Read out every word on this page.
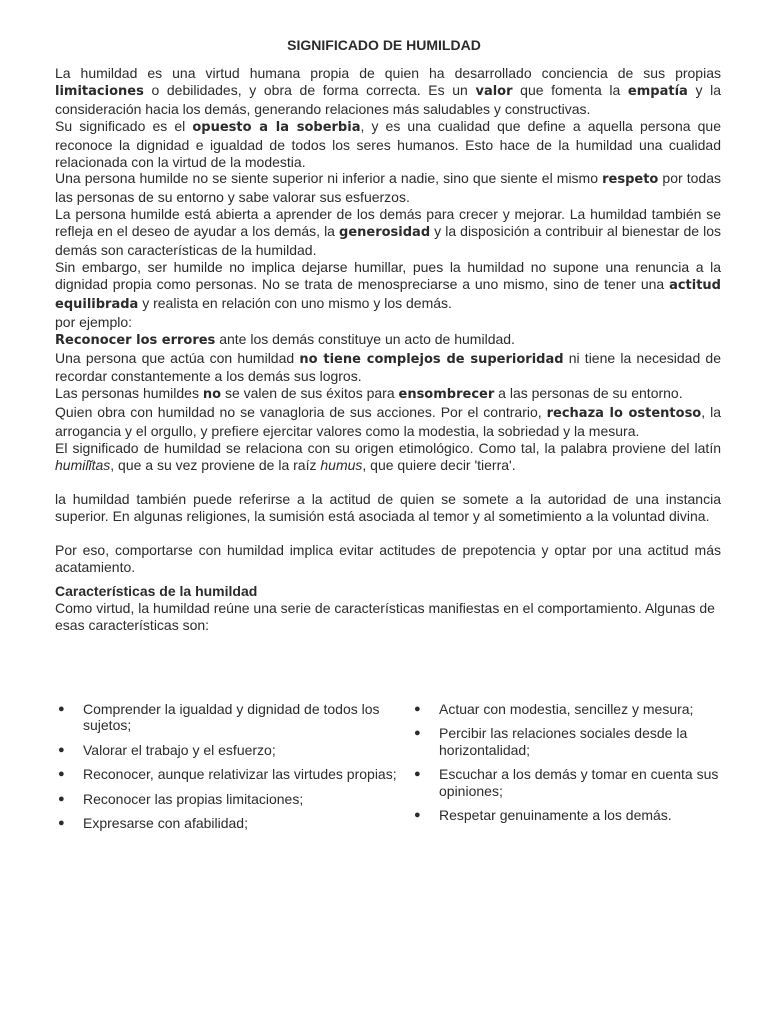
SIGNIFICADO DE HUMILDAD

La humildad es una virtud humana propia de quien ha desarrollado conciencia de sus propias limitaciones o debilidades, y obra de forma correcta. Es un valor que fomenta la empatía y la consideración hacia los demás, generando relaciones más saludables y constructivas.

Su significado es el opuesto a la soberbia, y es una cualidad que define a aquella persona que reconoce la dignidad e igualdad de todos los seres humanos. Esto hace de la humildad una cualidad relacionada con la virtud de la modestia.

Una persona humilde no se siente superior ni inferior a nadie, sino que siente el mismo respeto por todas las personas de su entorno y sabe valorar sus esfuerzos.

La persona humilde está abierta a aprender de los demás para crecer y mejorar. La humildad también se refleja en el deseo de ayudar a los demás, la generosidad y la disposición a contribuir al bienestar de los demás son características de la humildad.

Sin embargo, ser humilde no implica dejarse humillar, pues la humildad no supone una renuncia a la dignidad propia como personas. No se trata de menospreciarse a uno mismo, sino de tener una actitud equilibrada y realista en relación con uno mismo y los demás.

por ejemplo:

Reconocer los errores ante los demás constituye un acto de humildad.

Una persona que actúa con humildad no tiene complejos de superioridad ni tiene la necesidad de recordar constantemente a los demás sus logros.

Las personas humildes no se valen de sus éxitos para ensombrecer a las personas de su entorno.

Quien obra con humildad no se vanagloria de sus acciones. Por el contrario, rechaza lo ostentoso, la arrogancia y el orgullo, y prefiere ejercitar valores como la modestia, la sobriedad y la mesura.

El significado de humildad se relaciona con su origen etimológico. Como tal, la palabra proviene del latín humilĭtas, que a su vez proviene de la raíz humus, que quiere decir 'tierra'.

la humildad también puede referirse a la actitud de quien se somete a la autoridad de una instancia superior. En algunas religiones, la sumisión está asociada al temor y al sometimiento a la voluntad divina.

Por eso, comportarse con humildad implica evitar actitudes de prepotencia y optar por una actitud más acatamiento.

Características de la humildad

Como virtud, la humildad reúne una serie de características manifiestas en el comportamiento. Algunas de esas características son:

● Comprender la igualdad y dignidad de todos los sujetos;
● Valorar el trabajo y el esfuerzo;
● Reconocer, aunque relativizar las virtudes propias;
● Reconocer las propias limitaciones;
● Expresarse con afabilidad;
● Actuar con modestia, sencillez y mesura;
● Percibir las relaciones sociales desde la horizontalidad;
● Escuchar a los demás y tomar en cuenta sus opiniones;
● Respetar genuinamente a los demás.
